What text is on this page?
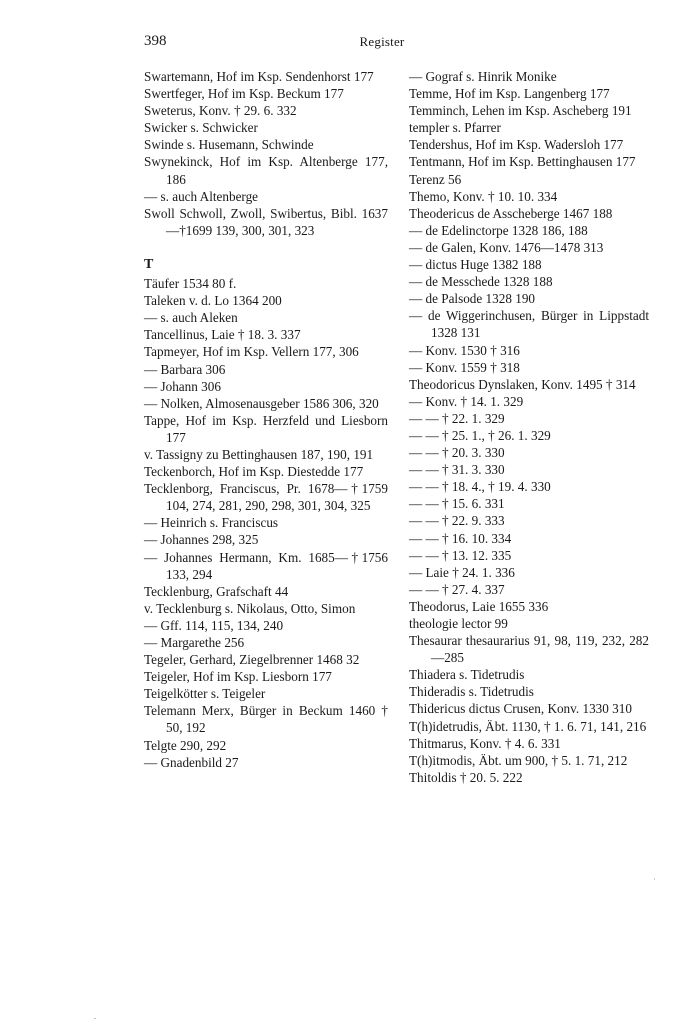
398	Register
Swartemann, Hof im Ksp. Sendenhorst 177
Swertfeger, Hof im Ksp. Beckum 177
Sweterus, Konv. † 29. 6. 332
Swicker s. Schwicker
Swinde s. Husemann, Schwinde
Swynekinck, Hof im Ksp. Altenberge 177, 186
— s. auch Altenberge
Swoll Schwoll, Zwoll, Swibertus, Bibl. 1637—†1699 139, 300, 301, 323
T
Täufer 1534 80 f.
Taleken v. d. Lo 1364 200
— s. auch Aleken
Tancellinus, Laie † 18. 3. 337
Tapmeyer, Hof im Ksp. Vellern 177, 306
— Barbara 306
— Johann 306
— Nolken, Almosenausgeber 1586 306, 320
Tappe, Hof im Ksp. Herzfeld und Liesborn 177
v. Tassigny zu Bettinghausen 187, 190, 191
Teckenborch, Hof im Ksp. Diestedde 177
Tecklenborg, Franciscus, Pr. 1678—†1759 104, 274, 281, 290, 298, 301, 304, 325
— Heinrich s. Franciscus
— Johannes 298, 325
— Johannes Hermann, Km. 1685—†1756 133, 294
Tecklenburg, Grafschaft 44
v. Tecklenburg s. Nikolaus, Otto, Simon
— Gff. 114, 115, 134, 240
— Margarethe 256
Tegeler, Gerhard, Ziegelbrenner 1468 32
Teigeler, Hof im Ksp. Liesborn 177
Teigelkötter s. Teigeler
Telemann Merx, Bürger in Beckum 1460 † 50, 192
Telgte 290, 292
— Gnadenbild 27
— Gograf s. Hinrik Monike
Temme, Hof im Ksp. Langenberg 177
Temminch, Lehen im Ksp. Ascheberg 191
templer s. Pfarrer
Tendershus, Hof im Ksp. Wadersloh 177
Tentmann, Hof im Ksp. Bettinghausen 177
Terenz 56
Themo, Konv. † 10. 10. 334
Theodericus de Asscheberge 1467 188
— de Edelinctorpe 1328 186, 188
— de Galen, Konv. 1476—1478 313
— dictus Huge 1382 188
— de Messchede 1328 188
— de Palsode 1328 190
— de Wiggerinchusen, Bürger in Lippstadt 1328 131
— Konv. 1530 † 316
— Konv. 1559 † 318
Theodoricus Dynslaken, Konv. 1495 † 314
— Konv. † 14. 1. 329
— — † 22. 1. 329
— — † 25. 1., † 26. 1. 329
— — † 20. 3. 330
— — † 31. 3. 330
— — † 18. 4., † 19. 4. 330
— — † 15. 6. 331
— — † 22. 9. 333
— — † 16. 10. 334
— — † 13. 12. 335
— Laie † 24. 1. 336
— — † 27. 4. 337
Theodorus, Laie 1655 336
theologie lector 99
Thesaurar thesaurarius 91, 98, 119, 232, 282—285
Thiadera s. Tidetrudis
Thideradis s. Tidetrudis
Thidericus dictus Crusen, Konv. 1330 310
T(h)idetrudis, Äbt. 1130, † 1. 6. 71, 141, 216
Thitmarus, Konv. † 4. 6. 331
T(h)itmodis, Äbt. um 900, † 5. 1. 71, 212
Thitoldis † 20. 5. 222
